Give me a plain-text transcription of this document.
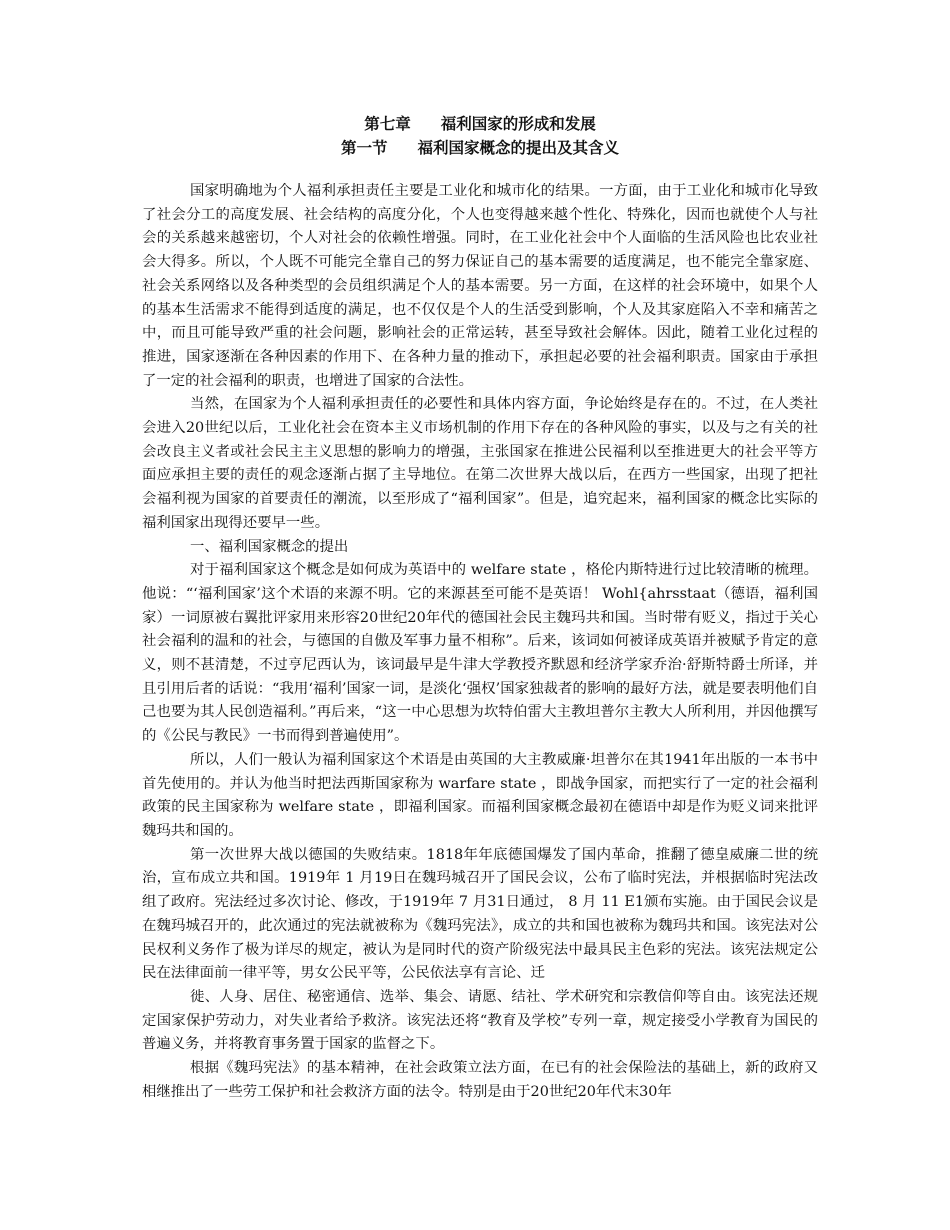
第七章 福利国家的形成和发展
第一节 福利国家概念的提出及其含义

国家明确地为个人福利承担责任主要是工业化和城市化的结果。一方面，由于工业化和城市化导致了社会分工的高度发展、社会结构的高度分化，个人也变得越来越个性化、特殊化，因而也就使个人与社会的关系越来越密切，个人对社会的依赖性增强。同时，在工业化社会中个人面临的生活风险也比农业社会大得多。所以，个人既不可能完全靠自己的努力保证自己的基本需要的适度满足，也不能完全靠家庭、社会关系网络以及各种类型的会员组织满足个人的基本需要。另一方面，在这样的社会环境中，如果个人的基本生活需求不能得到适度的满足，也不仅仅是个人的生活受到影响，个人及其家庭陷入不幸和痛苦之中，而且可能导致严重的社会问题，影响社会的正常运转，甚至导致社会解体。因此，随着工业化过程的推进，国家逐渐在各种因素的作用下、在各种力量的推动下，承担起必要的社会福利职责。国家由于承担了一定的社会福利的职责，也增进了国家的合法性。

当然，在国家为个人福利承担责任的必要性和具体内容方面，争论始终是存在的。不过，在人类社会进入20世纪以后，工业化社会在资本主义市场机制的作用下存在的各种风险的事实，以及与之有关的社会改良主义者或社会民主主义思想的影响力的增强，主张国家在推进公民福利以至推进更大的社会平等方面应承担主要的责任的观念逐渐占据了主导地位。在第二次世界大战以后，在西方一些国家，出现了把社会福利视为国家的首要责任的潮流，以至形成了“福利国家”。但是，追究起来，福利国家的概念比实际的福利国家出现得还要早一些。

一、福利国家概念的提出

对于福利国家这个概念是如何成为英语中的 welfare state ，格伦内斯特进行过比较清晰的梳理。他说：“‘福利国家’这个术语的来源不明。它的来源甚至可能不是英语！ Wohl{ahrsstaat（德语，福利国家）一词原被右翼批评家用来形容20世纪20年代的德国社会民主魏玛共和国。当时带有贬义，指过于关心社会福利的温和的社会，与德国的自傲及军事力量不相称”。后来，该词如何被译成英语并被赋予肯定的意义，则不甚清楚，不过亨尼西认为，该词最早是牛津大学教授齐默恩和经济学家乔治·舒斯特爵士所译，并且引用后者的话说：“我用‘福利’国家一词，是淡化‘强权’国家独裁者的影响的最好方法，就是要表明他们自己也要为其人民创造福利。”再后来，“这一中心思想为坎特伯雷大主教坦普尔主教大人所利用，并因他撰写的《公民与教民》一书而得到普遍使用”。

所以，人们一般认为福利国家这个术语是由英国的大主教威廉·坦普尔在其1941年出版的一本书中首先使用的。并认为他当时把法西斯国家称为 warfare state ，即战争国家，而把实行了一定的社会福利政策的民主国家称为 welfare state ，即福利国家。而福利国家概念最初在德语中却是作为贬义词来批评魏玛共和国的。

第一次世界大战以德国的失败结束。1818年年底德国爆发了国内革命，推翻了德皇威廉二世的统治，宣布成立共和国。1919年 1 月19日在魏玛城召开了国民会议，公布了临时宪法，并根据临时宪法改组了政府。宪法经过多次讨论、修改，于1919年 7 月31日通过， 8 月 11 E1颁布实施。由于国民会议是在魏玛城召开的，此次通过的宪法就被称为《魏玛宪法》，成立的共和国也被称为魏玛共和国。该宪法对公民权利义务作了极为详尽的规定，被认为是同时代的资产阶级宪法中最具民主色彩的宪法。该宪法规定公民在法律面前一律平等，男女公民平等，公民依法享有言论、迁

徙、人身、居住、秘密通信、选举、集会、请愿、结社、学术研究和宗教信仰等自由。该宪法还规定国家保护劳动力，对失业者给予救济。该宪法还将“教育及学校”专列一章，规定接受小学教育为国民的普遍义务，并将教育事务置于国家的监督之下。

根据《魏玛宪法》的基本精神，在社会政策立法方面，在已有的社会保险法的基础上，新的政府又相继推出了一些劳工保护和社会救济方面的法令。特别是由于20世纪20年代末30年
